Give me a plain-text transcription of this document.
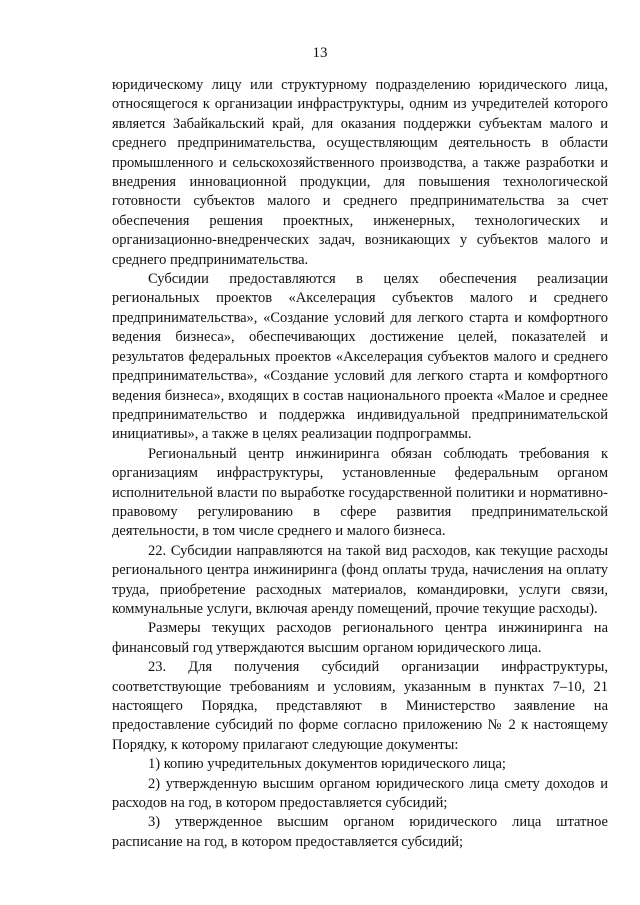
13

юридическому лицу или структурному подразделению юридического лица, относящегося к организации инфраструктуры, одним из учредителей которого является Забайкальский край, для оказания поддержки субъектам малого и среднего предпринимательства, осуществляющим деятельность в области промышленного и сельскохозяйственного производства, а также разработки и внедрения инновационной продукции, для повышения технологической готовности субъектов малого и среднего предпринимательства за счет обеспечения решения проектных, инженерных, технологических и организационно-внедренческих задач, возникающих у субъектов малого и среднего предпринимательства.

Субсидии предоставляются в целях обеспечения реализации региональных проектов «Акселерация субъектов малого и среднего предпринимательства», «Создание условий для легкого старта и комфортного ведения бизнеса», обеспечивающих достижение целей, показателей и результатов федеральных проектов «Акселерация субъектов малого и среднего предпринимательства», «Создание условий для легкого старта и комфортного ведения бизнеса», входящих в состав национального проекта «Малое и среднее предпринимательство и поддержка индивидуальной предпринимательской инициативы», а также в целях реализации подпрограммы.

Региональный центр инжиниринга обязан соблюдать требования к организациям инфраструктуры, установленные федеральным органом исполнительной власти по выработке государственной политики и нормативно-правовому регулированию в сфере развития предпринимательской деятельности, в том числе среднего и малого бизнеса.

22. Субсидии направляются на такой вид расходов, как текущие расходы регионального центра инжиниринга (фонд оплаты труда, начисления на оплату труда, приобретение расходных материалов, командировки, услуги связи, коммунальные услуги, включая аренду помещений, прочие текущие расходы).

Размеры текущих расходов регионального центра инжиниринга на финансовый год утверждаются высшим органом юридического лица.

23. Для получения субсидий организации инфраструктуры, соответствующие требованиям и условиям, указанным в пунктах 7–10, 21 настоящего Порядка, представляют в Министерство заявление на предоставление субсидий по форме согласно приложению № 2 к настоящему Порядку, к которому прилагают следующие документы:

1) копию учредительных документов юридического лица;

2) утвержденную высшим органом юридического лица смету доходов и расходов на год, в котором предоставляется субсидий;

3) утвержденное высшим органом юридического лица штатное расписание на год, в котором предоставляется субсидий;
